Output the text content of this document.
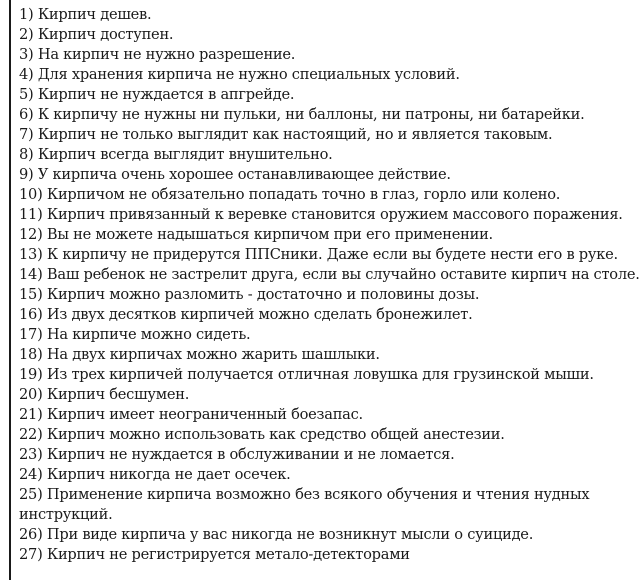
1) Кирпич дешев.
2) Кирпич доступен.
3) На кирпич не нужно разрешение.
4) Для хранения кирпича не нужно специальных условий.
5) Кирпич не нуждается в апгрейде.
6) К кирпичу не нужны ни пульки, ни баллоны, ни патроны, ни батарейки.
7) Кирпич не только выглядит как настоящий, но и является таковым.
8) Кирпич всегда выглядит внушительно.
9) У кирпича очень хорошее останавливающее действие.
10) Кирпичом не обязательно попадать точно в глаз, горло или колено.
11) Кирпич привязанный к веревке становится оружием массового поражения.
12) Вы не можете надышаться кирпичом при его применении.
13) К кирпичу не придерутся ППСники. Даже если вы будете нести его в руке.
14) Ваш ребенок не застрелит друга, если вы случайно оставите кирпич на столе.
15) Кирпич можно разломить - достаточно и половины дозы.
16) Из двух десятков кирпичей можно сделать бронежилет.
17) На кирпиче можно сидеть.
18) На двух кирпичах можно жарить шашлыки.
19) Из трех кирпичей получается отличная ловушка для грузинской мыши.
20) Кирпич бесшумен.
21) Кирпич имеет неограниченный боезапас.
22) Кирпич можно использовать как средство общей анестезии.
23) Кирпич не нуждается в обслуживании и не ломается.
24) Кирпич никогда не дает осечек.
25) Применение кирпича возможно без всякого обучения и чтения нудных инструкций.
26) При виде кирпича у вас никогда не возникнут мысли о суициде.
27) Кирпич не регистрируется метало-детекторами
